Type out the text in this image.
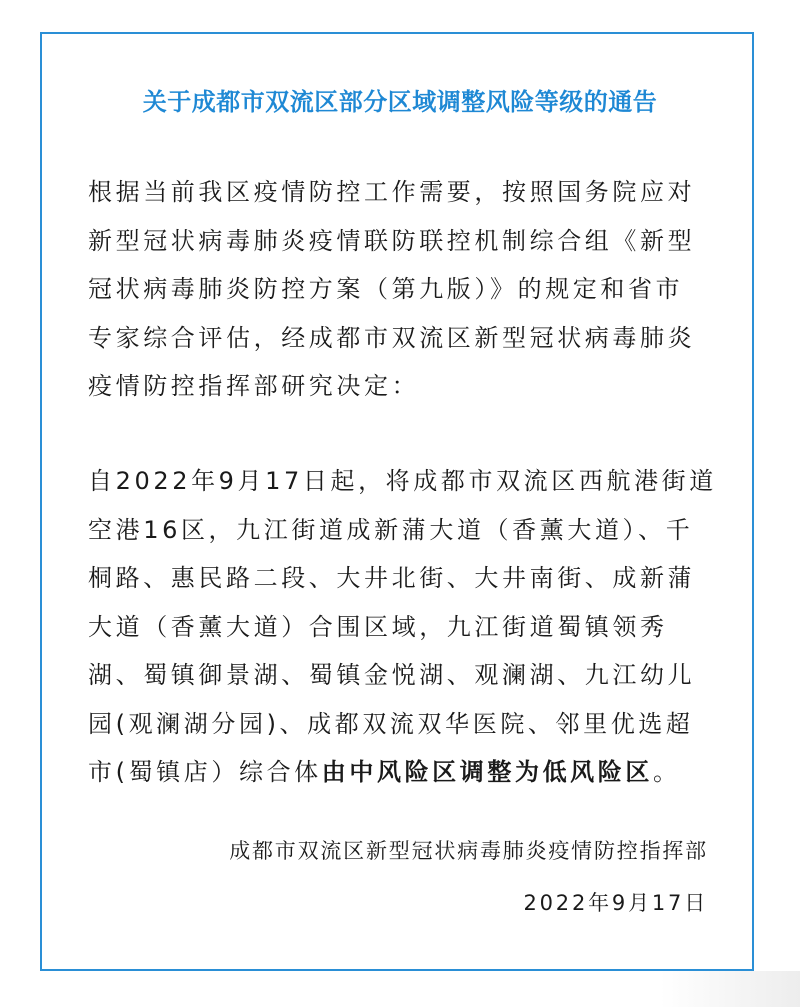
关于成都市双流区部分区域调整风险等级的通告
根据当前我区疫情防控工作需要，按照国务院应对
新型冠状病毒肺炎疫情联防联控机制综合组《新型
冠状病毒肺炎防控方案（第九版）》的规定和省市
专家综合评估，经成都市双流区新型冠状病毒肺炎
疫情防控指挥部研究决定：
自2022年9月17日起，将成都市双流区西航港街道
空港16区，九江街道成新蒲大道（香薰大道）、千
桐路、惠民路二段、大井北街、大井南街、成新蒲
大道（香薰大道）合围区域，九江街道蜀镇领秀
湖、蜀镇御景湖、蜀镇金悦湖、观澜湖、九江幼儿
园(观澜湖分园)、成都双流双华医院、邻里优选超
市(蜀镇店）综合体由中风险区调整为低风险区。
成都市双流区新型冠状病毒肺炎疫情防控指挥部
2022年9月17日
